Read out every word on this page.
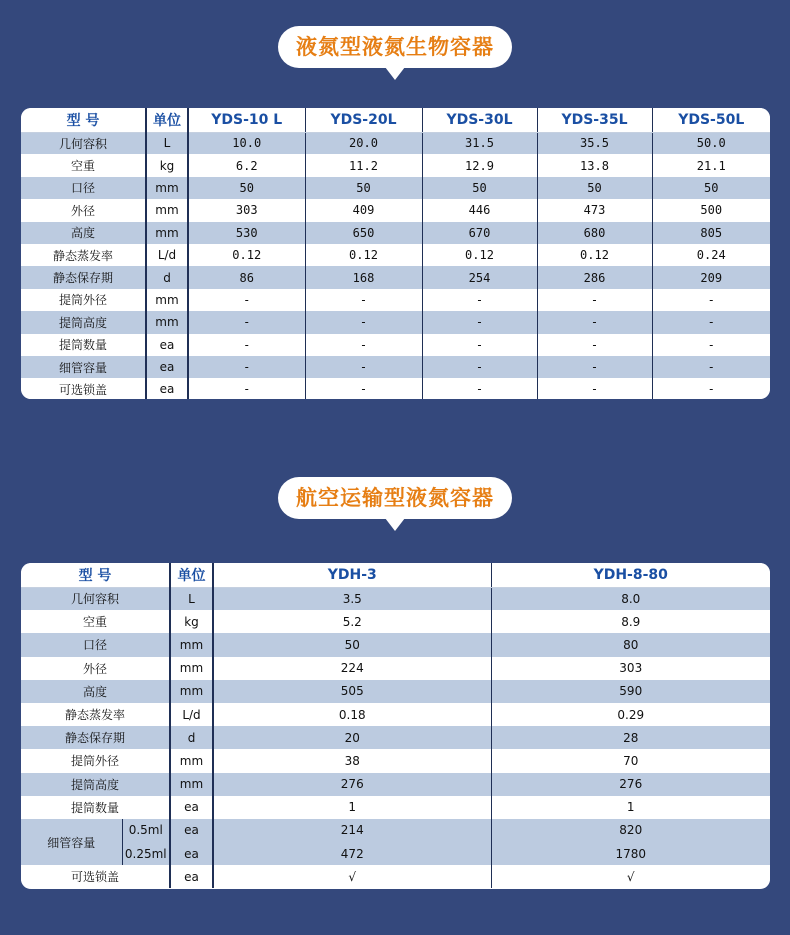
液氮型液氮生物容器
型 号	单位	YDS-10 L	YDS-20L	YDS-30L	YDS-35L	YDS-50L
几何容积	L	10.0	20.0	31.5	35.5	50.0
空重	kg	6.2	11.2	12.9	13.8	21.1
口径	mm	50	50	50	50	50
外径	mm	303	409	446	473	500
高度	mm	530	650	670	680	805
静态蒸发率	L/d	0.12	0.12	0.12	0.12	0.24
静态保存期	d	86	168	254	286	209
提筒外径	mm	-	-	-	-	-
提筒高度	mm	-	-	-	-	-
提筒数量	ea	-	-	-	-	-
细管容量	ea	-	-	-	-	-
可选锁盖	ea	-	-	-	-	-
航空运输型液氮容器
型 号		单位	YDH-3	YDH-8-80
几何容积		L	3.5	8.0
空重		kg	5.2	8.9
口径		mm	50	80
外径		mm	224	303
高度		mm	505	590
静态蒸发率		L/d	0.18	0.29
静态保存期		d	20	28
提筒外径		mm	38	70
提筒高度		mm	276	276
提筒数量		ea	1	1
细管容量	0.5ml	ea	214	820
	0.25ml	ea	472	1780
可选锁盖		ea	√	√
